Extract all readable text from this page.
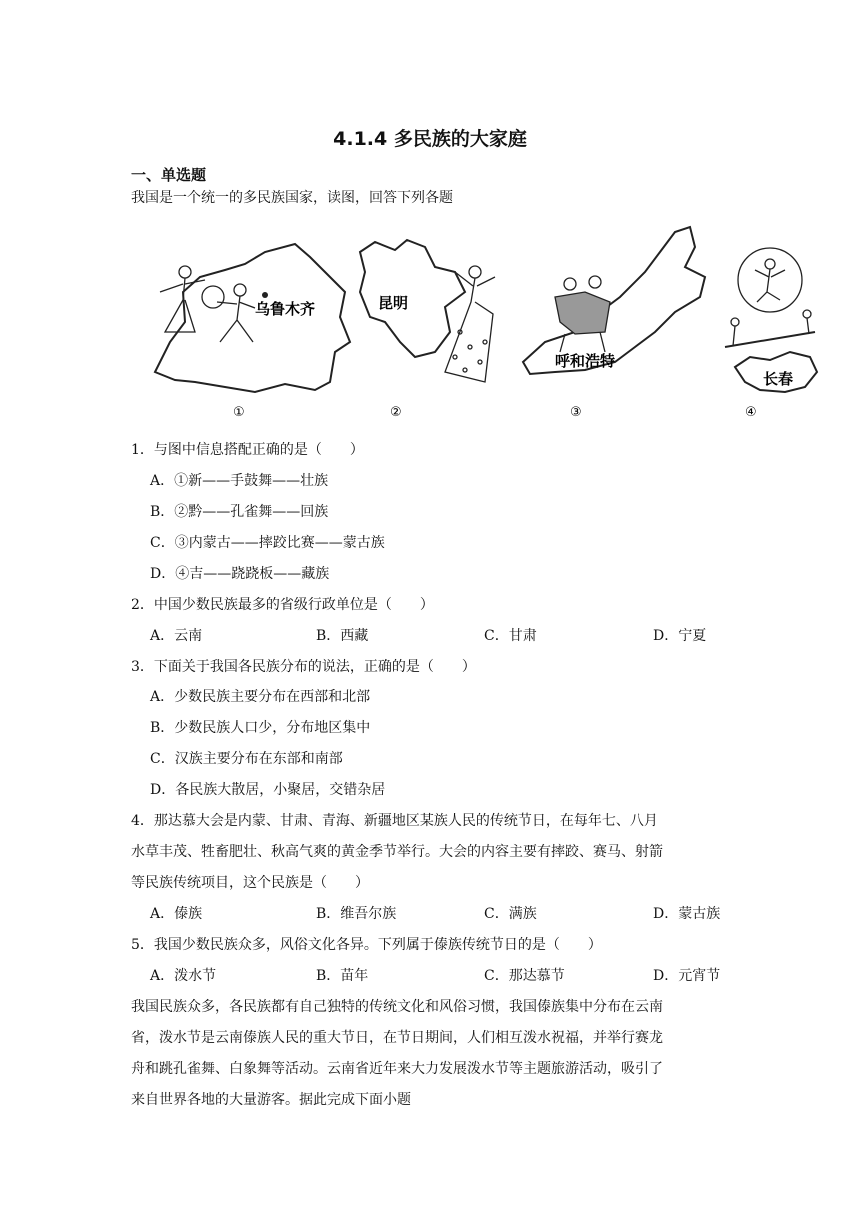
4.1.4 多民族的大家庭
一、单选题
我国是一个统一的多民族国家，读图，回答下列各题
乌鲁木齐
①
昆明
②
呼和浩特
③
长春
④
1．与图中信息搭配正确的是（　　）
A．①新——手鼓舞——壮族
B．②黔——孔雀舞——回族
C．③内蒙古——摔跤比赛——蒙古族
D．④吉——跷跷板——藏族
2．中国少数民族最多的省级行政单位是（　　）
A．云南	B．西藏	C．甘肃	D．宁夏
3．下面关于我国各民族分布的说法，正确的是（　　）
A．少数民族主要分布在西部和北部
B．少数民族人口少，分布地区集中
C．汉族主要分布在东部和南部
D．各民族大散居，小聚居，交错杂居
4．那达慕大会是内蒙、甘肃、青海、新疆地区某族人民的传统节日，在每年七、八月
水草丰茂、牲畜肥壮、秋高气爽的黄金季节举行。大会的内容主要有摔跤、赛马、射箭
等民族传统项目，这个民族是（　　）
A．傣族	B．维吾尔族	C．满族	D．蒙古族
5．我国少数民族众多，风俗文化各异。下列属于傣族传统节日的是（　　）
A．泼水节	B．苗年	C．那达慕节	D．元宵节
我国民族众多，各民族都有自己独特的传统文化和风俗习惯，我国傣族集中分布在云南
省，泼水节是云南傣族人民的重大节日，在节日期间，人们相互泼水祝福，并举行赛龙
舟和跳孔雀舞、白象舞等活动。云南省近年来大力发展泼水节等主题旅游活动，吸引了
来自世界各地的大量游客。据此完成下面小题
